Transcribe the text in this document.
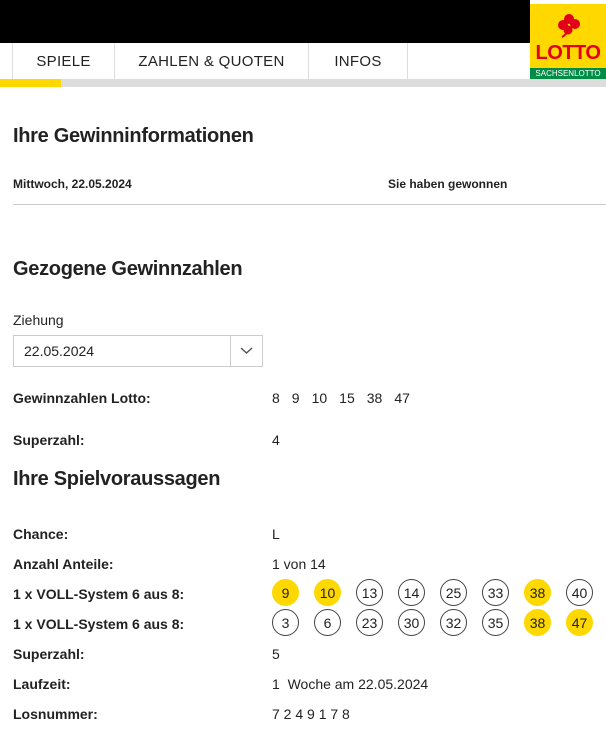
LOTTO
SACHSENLOTTO
SPIELE	ZAHLEN & QUOTEN	INFOS
Ihre Gewinninformationen
Mittwoch, 22.05.2024	Sie haben gewonnen
Gezogene Gewinnzahlen
Ziehung
22.05.2024
Gewinnzahlen Lotto:	8 9 10 15 38 47
Superzahl:	4
Ihre Spielvoraussagen
Chance:	L
Anzahl Anteile:	1 von 14
1 x VOLL-System 6 aus 8:	9	10	13	14	25	33	38	40
1 x VOLL-System 6 aus 8:	3	6	23	30	32	35	38	47
Superzahl:	5
Laufzeit:	1  Woche am 22.05.2024
Losnummer:	7 2 4 9 1 7 8
